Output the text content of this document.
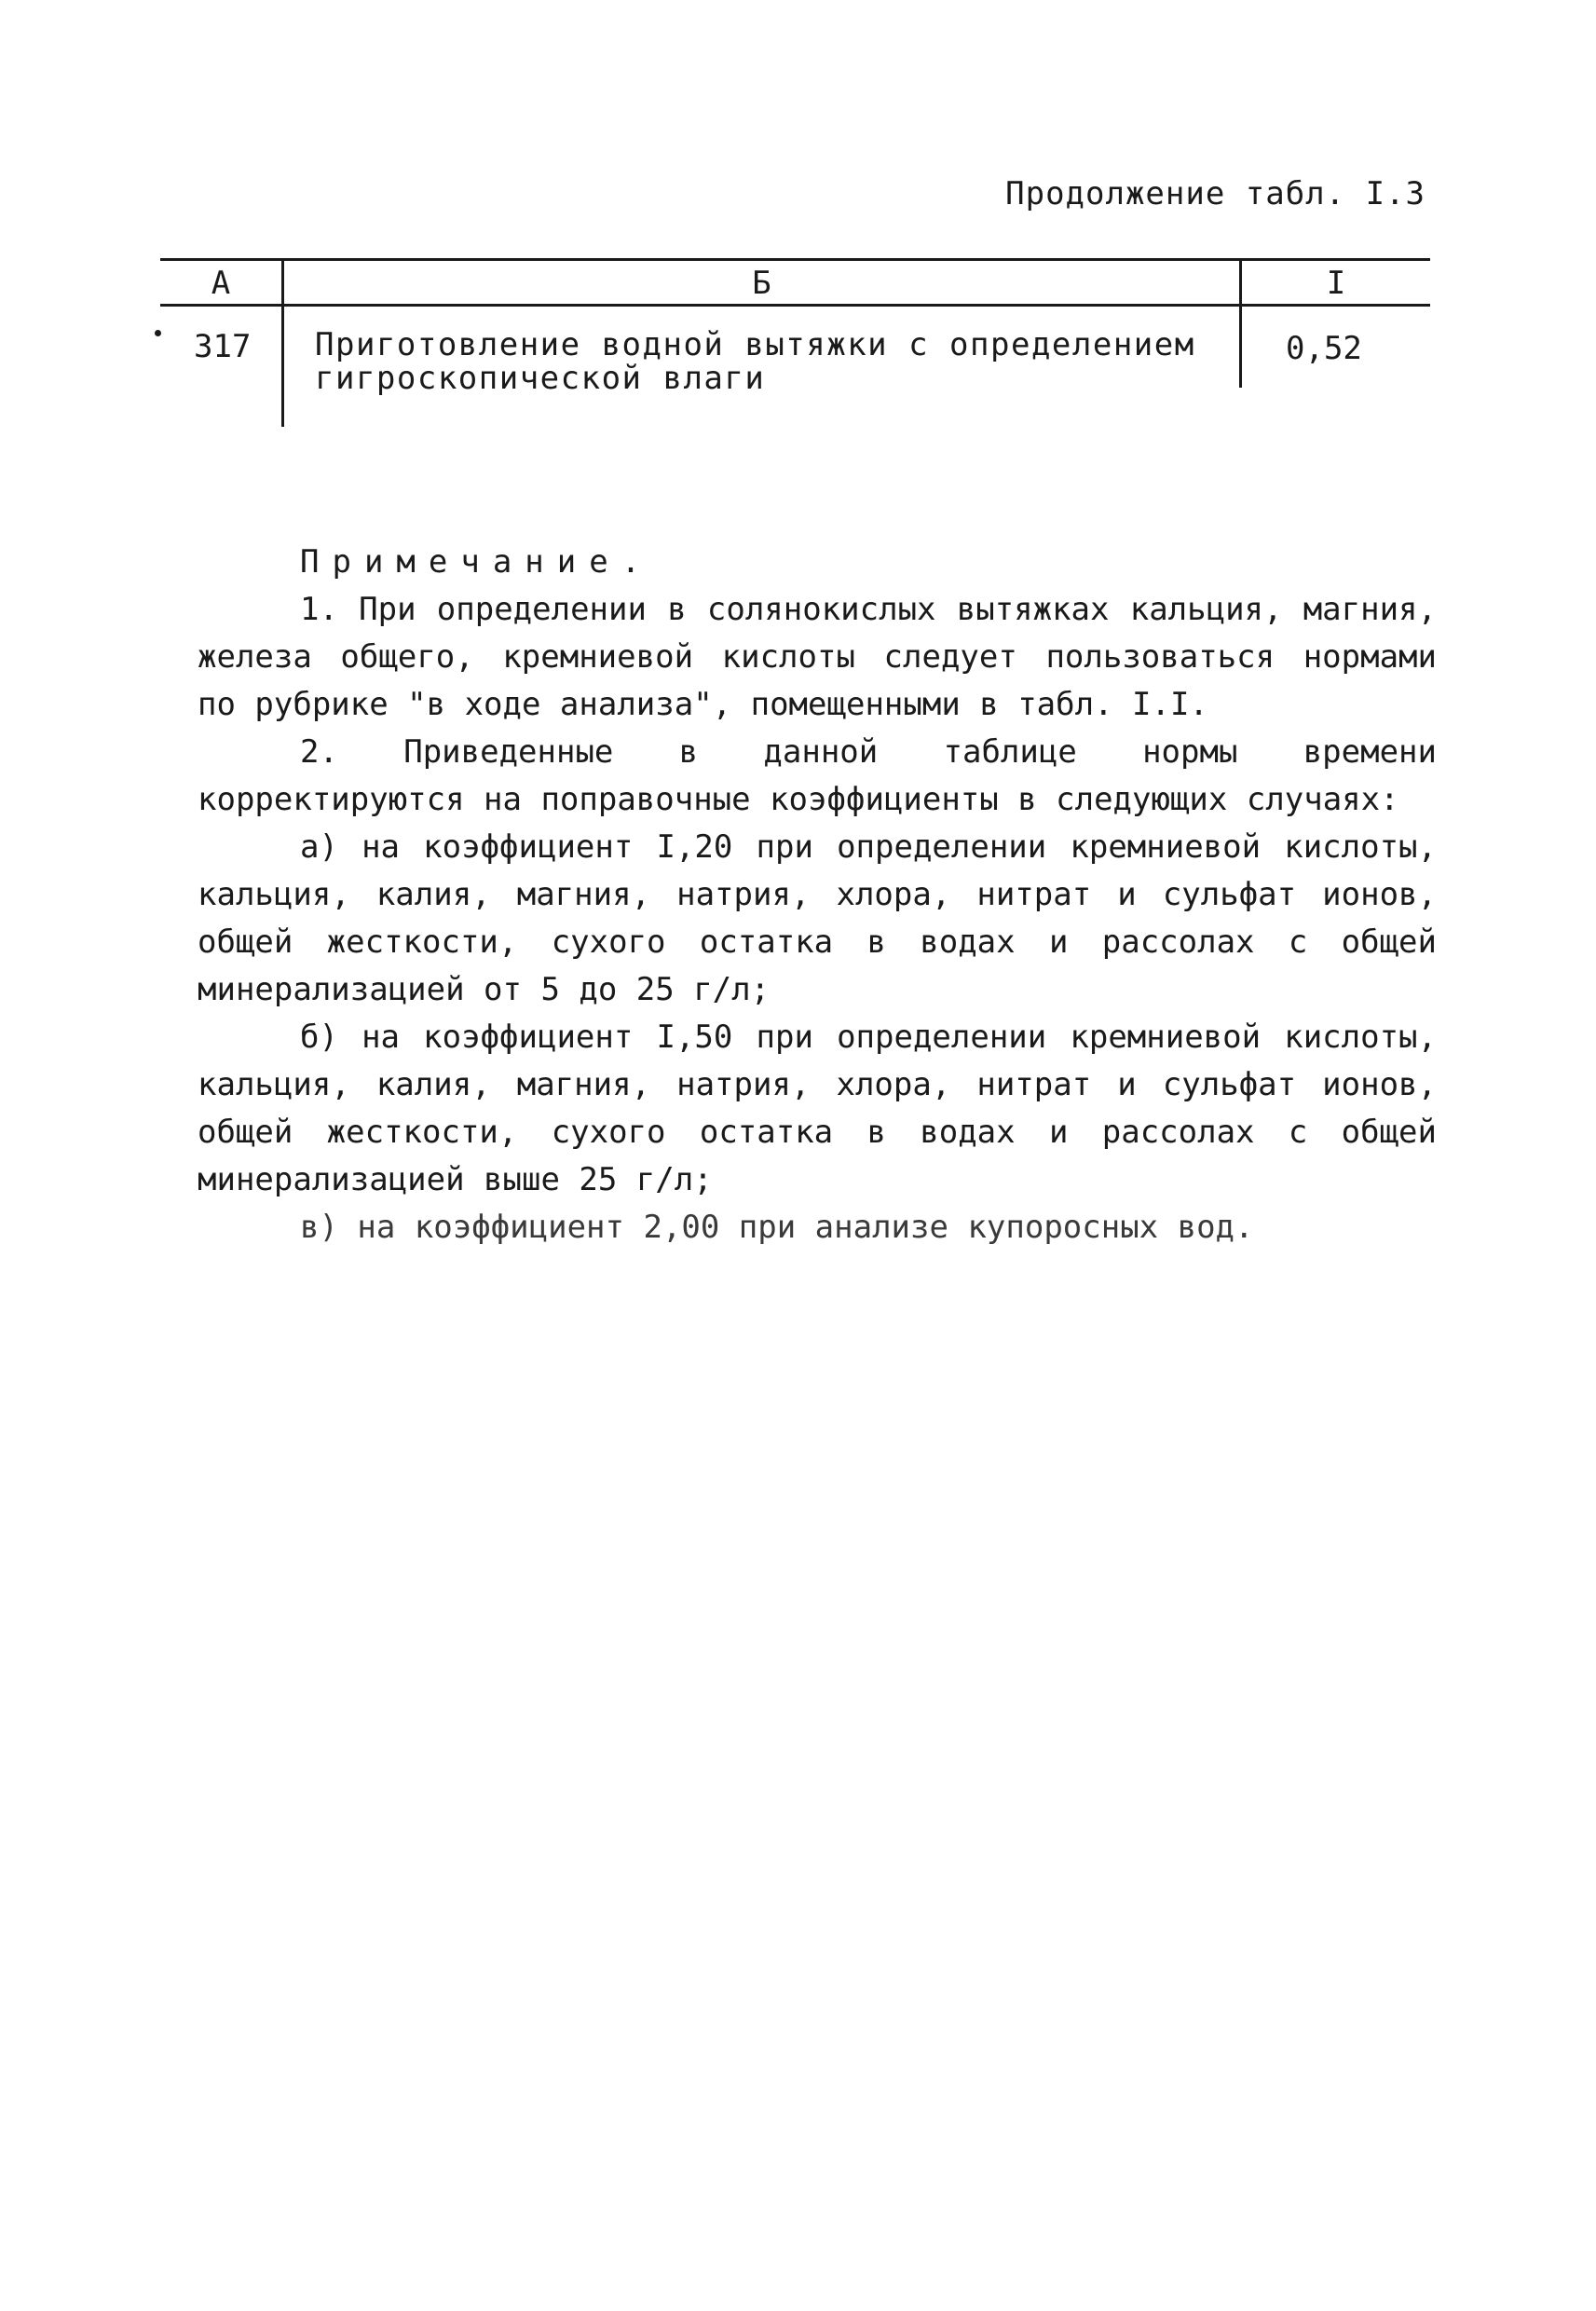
Продолжение табл. I.3
А	Б	I
317 Приготовление водной вытяжки с определением гигроскопической влаги
0,52

Примечание.

1. При определении в солянокислых вытяжках кальция, магния, железа общего, кремниевой кислоты следует пользоваться нормами по рубрике "в ходе анализа", помещенными в табл. I.I.

2. Приведенные в данной таблице нормы времени корректируются на поправочные коэффициенты в следующих случаях:

а) на коэффициент I,20 при определении кремниевой кислоты, кальция, калия, магния, натрия, хлора, нитрат и сульфат ионов, общей жесткости, сухого остатка в водах и рассолах с общей минерализацией от 5 до 25 г/л;

б) на коэффициент I,50 при определении кремниевой кислоты, кальция, калия, магния, натрия, хлора, нитрат и сульфат ионов, общей жесткости, сухого остатка в водах и рассолах с общей минерализацией выше 25 г/л;

в) на коэффициент 2,00 при анализе купоросных вод.
